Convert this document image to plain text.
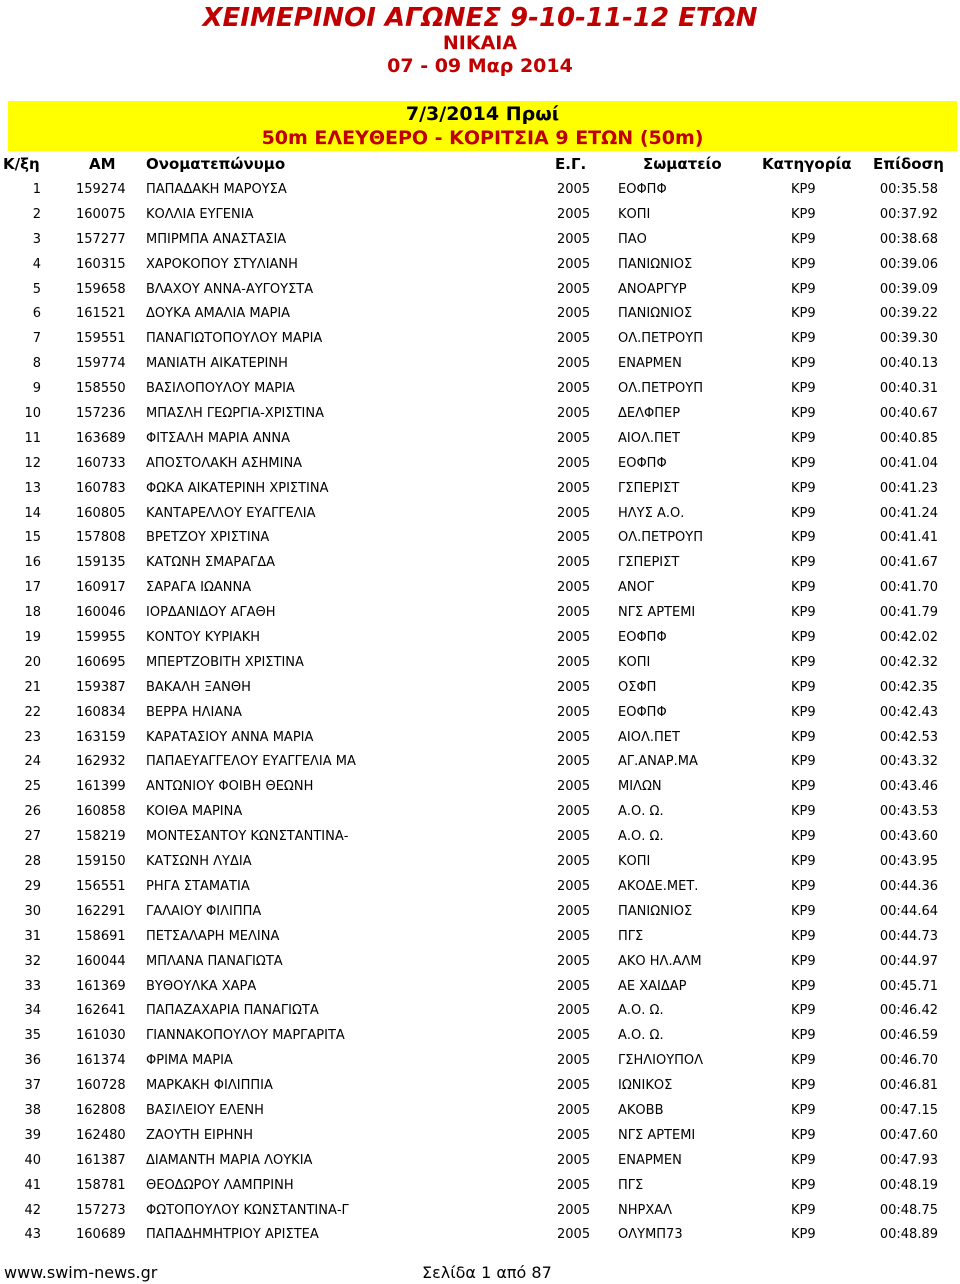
ΧΕΙΜΕΡΙΝΟΙ ΑΓΩΝΕΣ 9-10-11-12 ΕΤΩΝ
ΝΙΚΑΙΑ
07 - 09 Μαρ 2014
7/3/2014 Πρωί
50m ΕΛΕΥΘΕΡΟ - ΚΟΡΙΤΣΙΑ 9 ΕΤΩΝ (50m)
Κ/ξη	ΑΜ Ονοματεπώνυμο	Ε.Γ.	Σωματείο	Κατηγορία Επίδοση
1	159274 ΠΑΠΑΔΑΚΗ ΜΑΡΟΥΣΑ	2005 ΕΟΦΠΦ	ΚΡ9	00:35.58
2	160075 ΚΟΛΛΙΑ ΕΥΓΕΝΙΑ	2005 ΚΟΠΙ	ΚΡ9	00:37.92
3	157277 ΜΠΙΡΜΠΑ ΑΝΑΣΤΑΣΙΑ	2005 ΠΑΟ	ΚΡ9	00:38.68
4	160315 ΧΑΡΟΚΟΠΟΥ ΣΤΥΛΙΑΝΗ	2005 ΠΑΝΙΩΝΙΟΣ	ΚΡ9	00:39.06
5	159658 ΒΛΑΧΟΥ ΑΝΝΑ-ΑΥΓΟΥΣΤΑ	2005 ΑΝΟΑΡΓΥΡ	ΚΡ9	00:39.09
6	161521 ΔΟΥΚΑ ΑΜΑΛΙΑ ΜΑΡΙΑ	2005 ΠΑΝΙΩΝΙΟΣ	ΚΡ9	00:39.22
7	159551 ΠΑΝΑΓΙΩΤΟΠΟΥΛΟΥ ΜΑΡΙΑ	2005 ΟΛ.ΠΕΤΡΟΥΠ	ΚΡ9	00:39.30
8	159774 ΜΑΝΙΑΤΗ ΑΙΚΑΤΕΡΙΝΗ	2005 ΕΝΑΡΜΕΝ	ΚΡ9	00:40.13
9	158550 ΒΑΣΙΛΟΠΟΥΛΟΥ ΜΑΡΙΑ	2005 ΟΛ.ΠΕΤΡΟΥΠ	ΚΡ9	00:40.31
10	157236 ΜΠΑΣΛΗ ΓΕΩΡΓΙΑ-ΧΡΙΣΤΙΝΑ	2005 ΔΕΛΦΠΕΡ	ΚΡ9	00:40.67
11	163689 ΦΙΤΣΑΛΗ ΜΑΡΙΑ ΑΝΝΑ	2005 ΑΙΟΛ.ΠΕΤ	ΚΡ9	00:40.85
12	160733 ΑΠΟΣΤΟΛΑΚΗ ΑΣΗΜΙΝΑ	2005 ΕΟΦΠΦ	ΚΡ9	00:41.04
13	160783 ΦΩΚΑ ΑΙΚΑΤΕΡΙΝΗ ΧΡΙΣΤΙΝΑ	2005 ΓΣΠΕΡΙΣΤ	ΚΡ9	00:41.23
14	160805 ΚΑΝΤΑΡΕΛΛΟΥ ΕΥΑΓΓΕΛΙΑ	2005 ΗΛΥΣ Α.Ο.	ΚΡ9	00:41.24
15	157808 ΒΡΕΤΖΟΥ ΧΡΙΣΤΙΝΑ	2005 ΟΛ.ΠΕΤΡΟΥΠ	ΚΡ9	00:41.41
16	159135 ΚΑΤΩΝΗ ΣΜΑΡΑΓΔΑ	2005 ΓΣΠΕΡΙΣΤ	ΚΡ9	00:41.67
17	160917 ΣΑΡΑΓΑ ΙΩΑΝΝΑ	2005 ΑΝΟΓ	ΚΡ9	00:41.70
18	160046 ΙΟΡΔΑΝΙΔΟΥ ΑΓΑΘΗ	2005 ΝΓΣ ΑΡΤΕΜΙ	ΚΡ9	00:41.79
19	159955 ΚΟΝΤΟΥ ΚΥΡΙΑΚΗ	2005 ΕΟΦΠΦ	ΚΡ9	00:42.02
20	160695 ΜΠΕΡΤΖΟΒΙΤΗ ΧΡΙΣΤΙΝΑ	2005 ΚΟΠΙ	ΚΡ9	00:42.32
21	159387 ΒΑΚΑΛΗ ΞΑΝΘΗ	2005 ΟΣΦΠ	ΚΡ9	00:42.35
22	160834 ΒΕΡΡΑ ΗΛΙΑΝΑ	2005 ΕΟΦΠΦ	ΚΡ9	00:42.43
23	163159 ΚΑΡΑΤΑΣΙΟΥ ΑΝΝΑ ΜΑΡΙΑ	2005 ΑΙΟΛ.ΠΕΤ	ΚΡ9	00:42.53
24	162932 ΠΑΠΑΕΥΑΓΓΕΛΟΥ ΕΥΑΓΓΕΛΙΑ ΜΑ	2005 ΑΓ.ΑΝΑΡ.ΜΑ	ΚΡ9	00:43.32
25	161399 ΑΝΤΩΝΙΟΥ ΦΟΙΒΗ ΘΕΩΝΗ	2005 ΜΙΛΩΝ	ΚΡ9	00:43.46
26	160858 ΚΟΙΘΑ ΜΑΡΙΝΑ	2005 Α.Ο. Ω.	ΚΡ9	00:43.53
27	158219 ΜΟΝΤΕΣΑΝΤΟΥ ΚΩΝΣΤΑΝΤΙΝΑ-	2005 Α.Ο. Ω.	ΚΡ9	00:43.60
28	159150 ΚΑΤΣΩΝΗ ΛΥΔΙΑ	2005 ΚΟΠΙ	ΚΡ9	00:43.95
29	156551 ΡΗΓΑ ΣΤΑΜΑΤΙΑ	2005 ΑΚΟΔΕ.ΜΕΤ.	ΚΡ9	00:44.36
30	162291 ΓΑΛΑΙΟΥ ΦΙΛΙΠΠΑ	2005 ΠΑΝΙΩΝΙΟΣ	ΚΡ9	00:44.64
31	158691 ΠΕΤΣΑΛΑΡΗ ΜΕΛΙΝΑ	2005 ΠΓΣ	ΚΡ9	00:44.73
32	160044 ΜΠΛΑΝΑ ΠΑΝΑΓΙΩΤΑ	2005 ΑΚΟ ΗΛ.ΑΛΜ	ΚΡ9	00:44.97
33	161369 ΒΥΘΟΥΛΚΑ ΧΑΡΑ	2005 ΑΕ ΧΑΙΔΑΡ	ΚΡ9	00:45.71
34	162641 ΠΑΠΑΖΑΧΑΡΙΑ ΠΑΝΑΓΙΩΤΑ	2005 Α.Ο. Ω.	ΚΡ9	00:46.42
35	161030 ΓΙΑΝΝΑΚΟΠΟΥΛΟΥ ΜΑΡΓΑΡΙΤΑ	2005 Α.Ο. Ω.	ΚΡ9	00:46.59
36	161374 ΦΡΙΜΑ ΜΑΡΙΑ	2005 ΓΣΗΛΙΟΥΠΟΛ	ΚΡ9	00:46.70
37	160728 ΜΑΡΚΑΚΗ ΦΙΛΙΠΠΙΑ	2005 ΙΩΝΙΚΟΣ	ΚΡ9	00:46.81
38	162808 ΒΑΣΙΛΕΙΟΥ ΕΛΕΝΗ	2005 ΑΚΟΒΒ	ΚΡ9	00:47.15
39	162480 ΖΑΟΥΤΗ ΕΙΡΗΝΗ	2005 ΝΓΣ ΑΡΤΕΜΙ	ΚΡ9	00:47.60
40	161387 ΔΙΑΜΑΝΤΗ ΜΑΡΙΑ ΛΟΥΚΙΑ	2005 ΕΝΑΡΜΕΝ	ΚΡ9	00:47.93
41	158781 ΘΕΟΔΩΡΟΥ ΛΑΜΠΡΙΝΗ	2005 ΠΓΣ	ΚΡ9	00:48.19
42	157273 ΦΩΤΟΠΟΥΛΟΥ ΚΩΝΣΤΑΝΤΙΝΑ-Γ	2005 ΝΗΡΧΑΛ	ΚΡ9	00:48.75
43	160689 ΠΑΠΑΔΗΜΗΤΡΙΟΥ ΑΡΙΣΤΕΑ	2005 ΟΛΥΜΠ73	ΚΡ9	00:48.89
www.swim-news.gr	Σελίδα 1 από 87
